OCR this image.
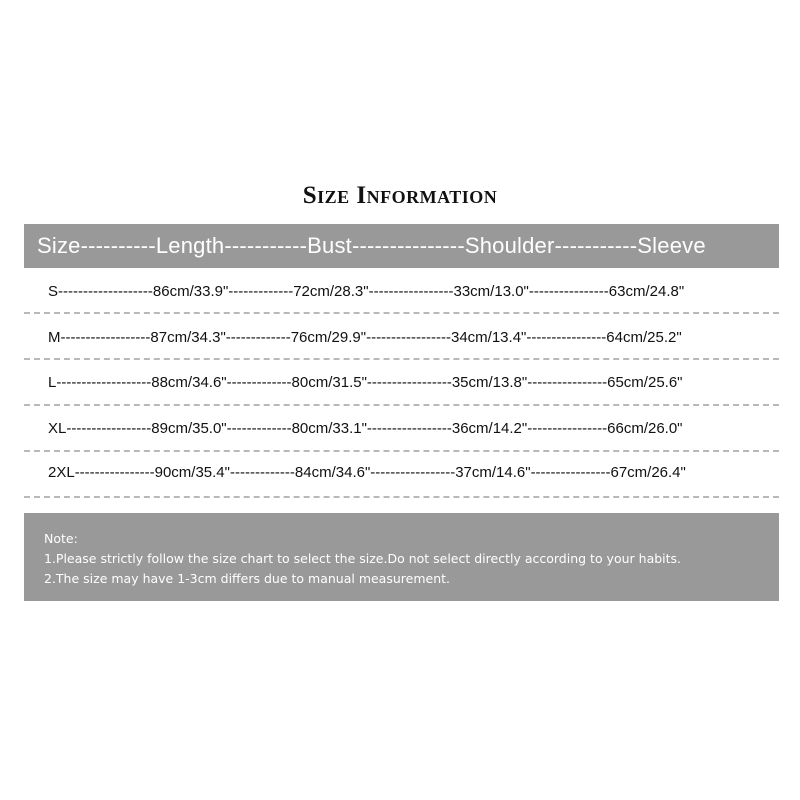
Size Information
Size----------Length-----------Bust---------------Shoulder-----------Sleeve
S-------------------86cm/33.9"-------------72cm/28.3"-----------------33cm/13.0"----------------63cm/24.8"
M------------------87cm/34.3"-------------76cm/29.9"-----------------34cm/13.4"----------------64cm/25.2"
L-------------------88cm/34.6"-------------80cm/31.5"-----------------35cm/13.8"----------------65cm/25.6"
XL-----------------89cm/35.0"-------------80cm/33.1"-----------------36cm/14.2"----------------66cm/26.0"
2XL----------------90cm/35.4"-------------84cm/34.6"-----------------37cm/14.6"----------------67cm/26.4"
Note:
1.Please strictly follow the size chart to select the size.Do not select directly according to your habits.
2.The size may have 1-3cm differs due to manual measurement.
